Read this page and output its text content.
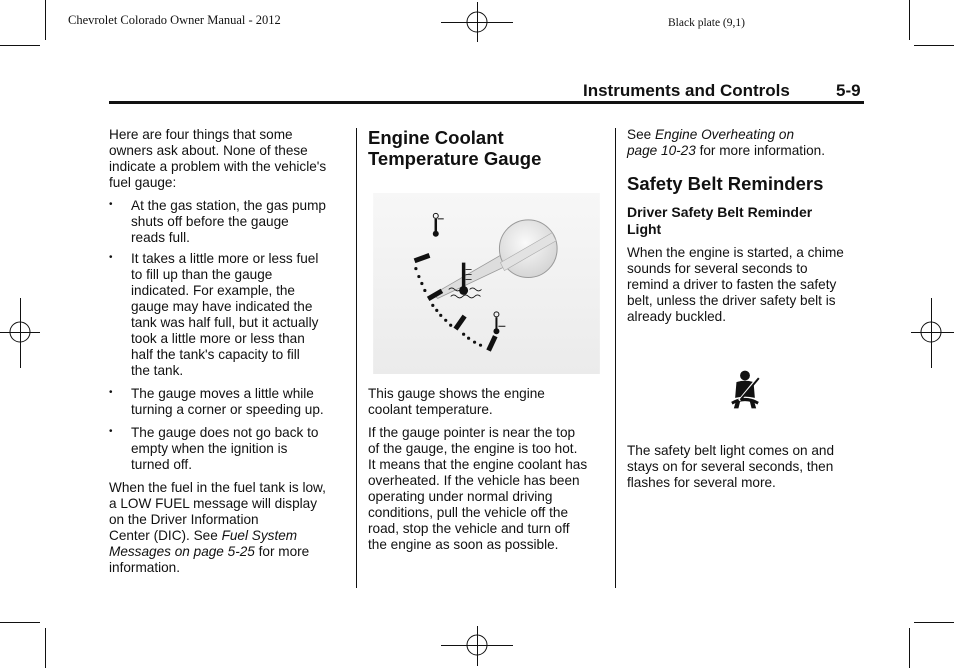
Chevrolet Colorado Owner Manual - 2012	Black plate (9,1)
Instruments and Controls	5-9
Here are four things that some
owners ask about. None of these
indicate a problem with the vehicle's
fuel gauge:
• At the gas station, the gas pump
shuts off before the gauge
reads full.
• It takes a little more or less fuel
to fill up than the gauge
indicated. For example, the
gauge may have indicated the
tank was half full, but it actually
took a little more or less than
half the tank's capacity to fill
the tank.
• The gauge moves a little while
turning a corner or speeding up.
• The gauge does not go back to
empty when the ignition is
turned off.
When the fuel in the fuel tank is low,
a LOW FUEL message will display
on the Driver Information
Center (DIC). See Fuel System
Messages on page 5-25 for more
information.
Engine Coolant
Temperature Gauge
This gauge shows the engine
coolant temperature.
If the gauge pointer is near the top
of the gauge, the engine is too hot.
It means that the engine coolant has
overheated. If the vehicle has been
operating under normal driving
conditions, pull the vehicle off the
road, stop the vehicle and turn off
the engine as soon as possible.
See Engine Overheating on
page 10-23 for more information.
Safety Belt Reminders
Driver Safety Belt Reminder
Light
When the engine is started, a chime
sounds for several seconds to
remind a driver to fasten the safety
belt, unless the driver safety belt is
already buckled.
The safety belt light comes on and
stays on for several seconds, then
flashes for several more.
